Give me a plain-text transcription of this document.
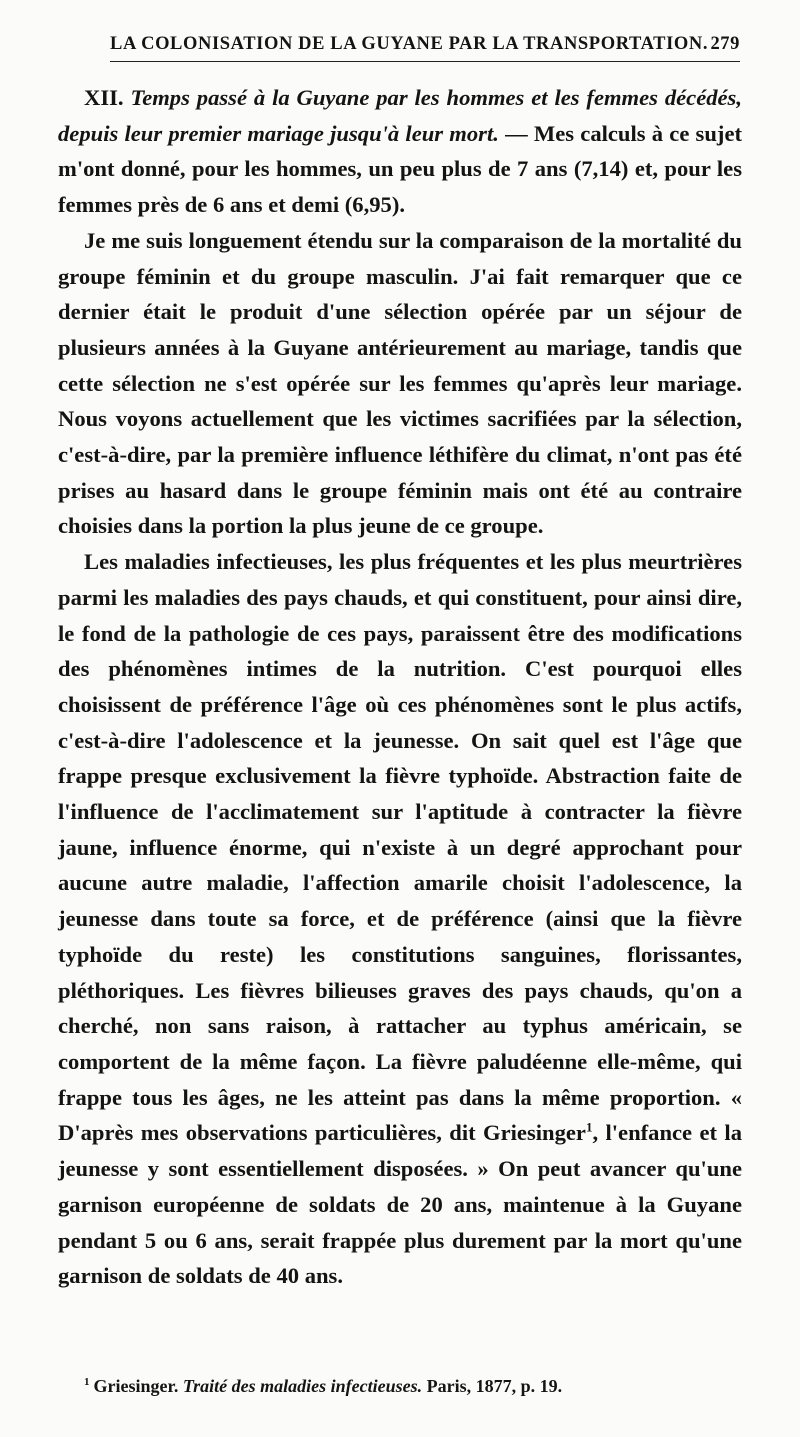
LA COLONISATION DE LA GUYANE PAR LA TRANSPORTATION. 279

XII. Temps passé à la Guyane par les hommes et les femmes décédés, depuis leur premier mariage jusqu'à leur mort. — Mes calculs à ce sujet m'ont donné, pour les hommes, un peu plus de 7 ans (7,14) et, pour les femmes près de 6 ans et demi (6,95).

Je me suis longuement étendu sur la comparaison de la mortalité du groupe féminin et du groupe masculin. J'ai fait remarquer que ce dernier était le produit d'une sélection opérée par un séjour de plusieurs années à la Guyane antérieurement au mariage, tandis que cette sélection ne s'est opérée sur les femmes qu'après leur mariage. Nous voyons actuellement que les victimes sacrifiées par la sélection, c'est-à-dire, par la première influence léthifère du climat, n'ont pas été prises au hasard dans le groupe féminin mais ont été au contraire choisies dans la portion la plus jeune de ce groupe.

Les maladies infectieuses, les plus fréquentes et les plus meurtrières parmi les maladies des pays chauds, et qui constituent, pour ainsi dire, le fond de la pathologie de ces pays, paraissent être des modifications des phénomènes intimes de la nutrition. C'est pourquoi elles choisissent de préférence l'âge où ces phénomènes sont le plus actifs, c'est-à-dire l'adolescence et la jeunesse. On sait quel est l'âge que frappe presque exclusivement la fièvre typhoïde. Abstraction faite de l'influence de l'acclimatement sur l'aptitude à contracter la fièvre jaune, influence énorme, qui n'existe à un degré approchant pour aucune autre maladie, l'affection amarile choisit l'adolescence, la jeunesse dans toute sa force, et de préférence (ainsi que la fièvre typhoïde du reste) les constitutions sanguines, florissantes, pléthoriques. Les fièvres bilieuses graves des pays chauds, qu'on a cherché, non sans raison, à rattacher au typhus américain, se comportent de la même façon. La fièvre paludéenne elle-même, qui frappe tous les âges, ne les atteint pas dans la même proportion. « D'après mes observations particulières, dit Griesinger$^1$, l'enfance et la jeunesse y sont essentiellement disposées. » On peut avancer qu'une garnison européenne de soldats de 20 ans, maintenue à la Guyane pendant 5 ou 6 ans, serait frappée plus durement par la mort qu'une garnison de soldats de 40 ans.

$^1$ Griesinger. Traité des maladies infectieuses. Paris, 1877, p. 19.
